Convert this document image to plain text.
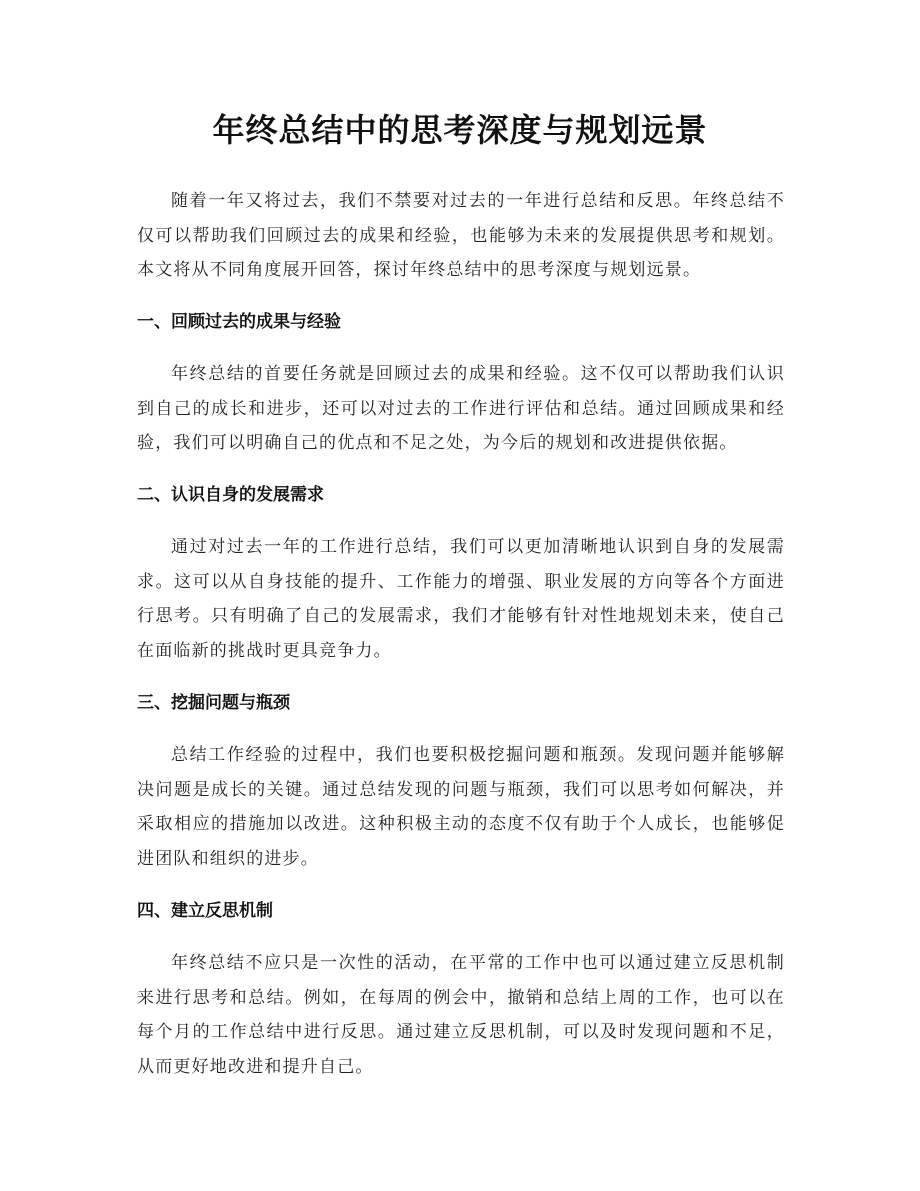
年终总结中的思考深度与规划远景
随着一年又将过去，我们不禁要对过去的一年进行总结和反思。年终总结不仅可以帮助我们回顾过去的成果和经验，也能够为未来的发展提供思考和规划。本文将从不同角度展开回答，探讨年终总结中的思考深度与规划远景。
一、回顾过去的成果与经验
年终总结的首要任务就是回顾过去的成果和经验。这不仅可以帮助我们认识到自己的成长和进步，还可以对过去的工作进行评估和总结。通过回顾成果和经验，我们可以明确自己的优点和不足之处，为今后的规划和改进提供依据。
二、认识自身的发展需求
通过对过去一年的工作进行总结，我们可以更加清晰地认识到自身的发展需求。这可以从自身技能的提升、工作能力的增强、职业发展的方向等各个方面进行思考。只有明确了自己的发展需求，我们才能够有针对性地规划未来，使自己在面临新的挑战时更具竞争力。
三、挖掘问题与瓶颈
总结工作经验的过程中，我们也要积极挖掘问题和瓶颈。发现问题并能够解决问题是成长的关键。通过总结发现的问题与瓶颈，我们可以思考如何解决，并采取相应的措施加以改进。这种积极主动的态度不仅有助于个人成长，也能够促进团队和组织的进步。
四、建立反思机制
年终总结不应只是一次性的活动，在平常的工作中也可以通过建立反思机制来进行思考和总结。例如，在每周的例会中，撤销和总结上周的工作，也可以在每个月的工作总结中进行反思。通过建立反思机制，可以及时发现问题和不足，从而更好地改进和提升自己。
